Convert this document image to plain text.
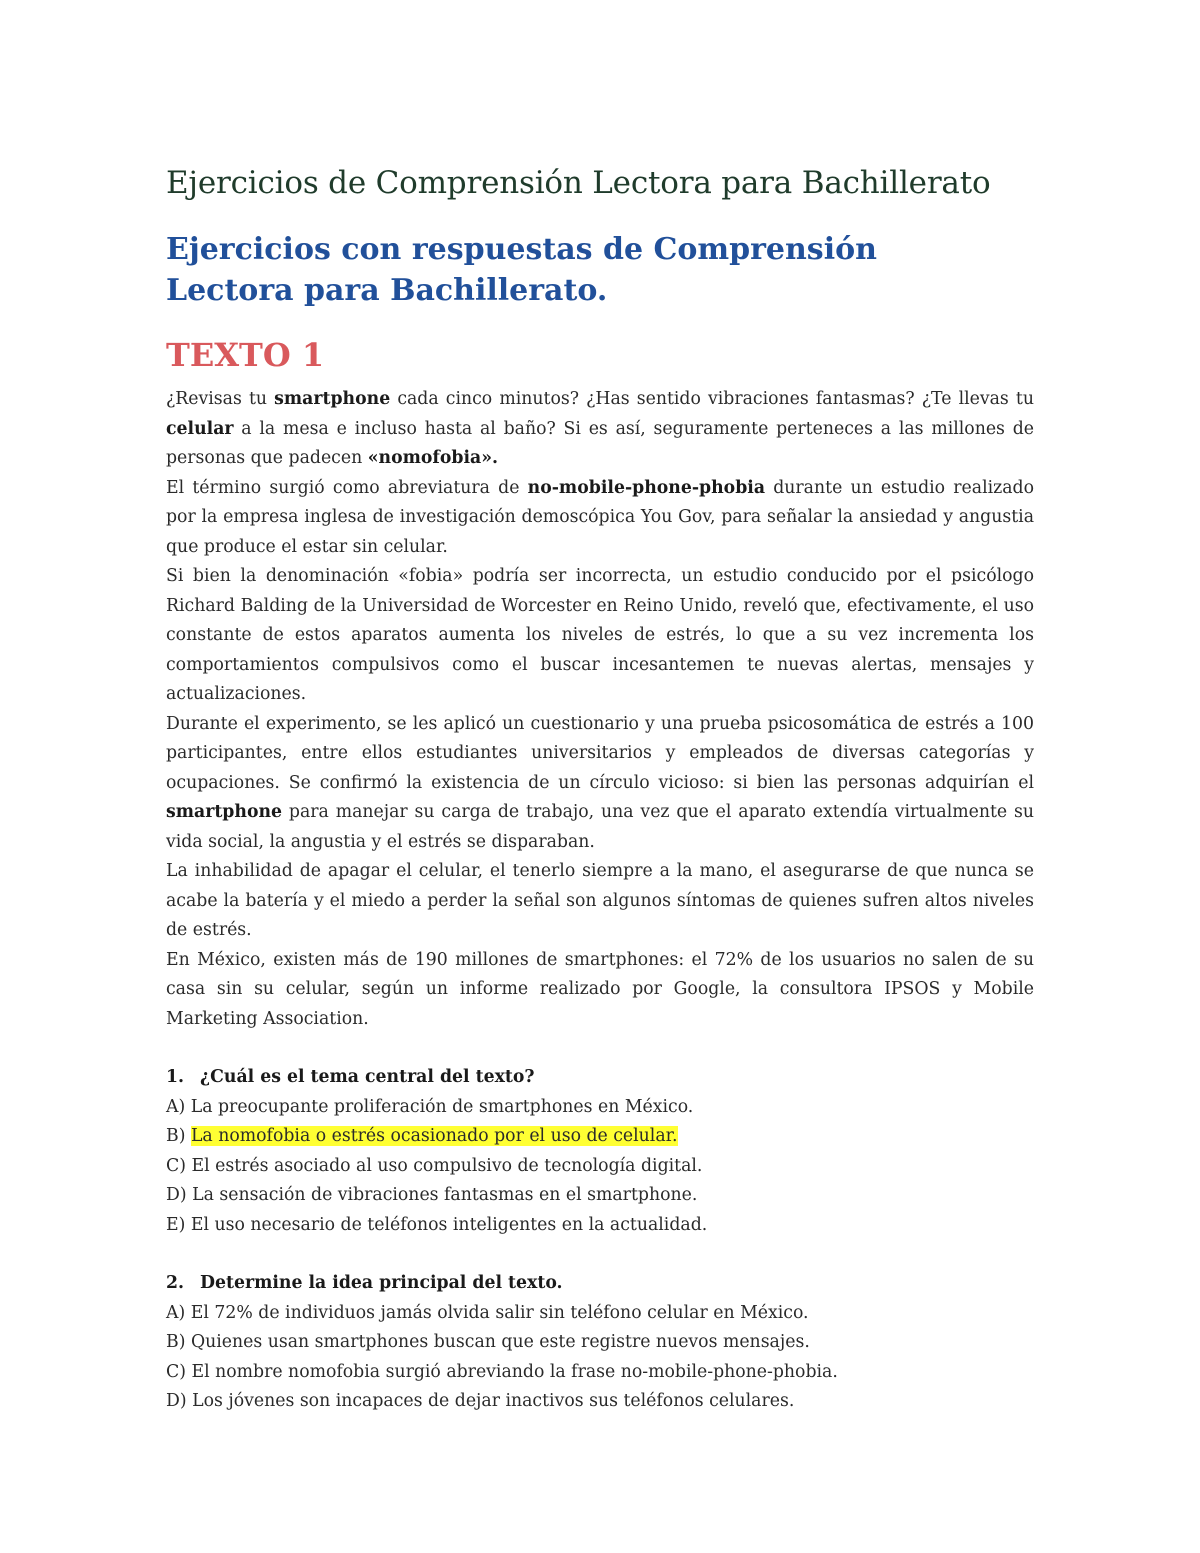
Ejercicios de Comprensión Lectora para Bachillerato
Ejercicios con respuestas de Comprensión
Lectora para Bachillerato.
TEXTO 1

¿Revisas tu smartphone cada cinco minutos? ¿Has sentido vibraciones fantasmas? ¿Te llevas tu celular a la mesa e incluso hasta al baño? Si es así, seguramente perteneces a las millones de personas que padecen «nomofobia».

El término surgió como abreviatura de no-mobile-phone-phobia durante un estudio realizado por la empresa inglesa de investigación demoscópica You Gov, para señalar la ansiedad y angustia que produce el estar sin celular.

Si bien la denominación «fobia» podría ser incorrecta, un estudio conducido por el psicólogo Richard Balding de la Universidad de Worcester en Reino Unido, reveló que, efectivamente, el uso constante de estos aparatos aumenta los niveles de estrés, lo que a su vez incrementa los comportamientos compulsivos como el buscar incesantemen te nuevas alertas, mensajes y actualizaciones.

Durante el experimento, se les aplicó un cuestionario y una prueba psicosomática de estrés a 100 participantes, entre ellos estudiantes universitarios y empleados de diversas categorías y ocupaciones. Se confirmó la existencia de un círculo vicioso: si bien las personas adquirían el smartphone para manejar su carga de trabajo, una vez que el aparato extendía virtualmente su vida social, la angustia y el estrés se disparaban.

La inhabilidad de apagar el celular, el tenerlo siempre a la mano, el asegurarse de que nunca se acabe la batería y el miedo a perder la señal son algunos síntomas de quienes sufren altos niveles de estrés.

En México, existen más de 190 millones de smartphones: el 72% de los usuarios no salen de su casa sin su celular, según un informe realizado por Google, la consultora IPSOS y Mobile Marketing Association.

1. ¿Cuál es el tema central del texto?

A) La preocupante proliferación de smartphones en México.
B) La nomofobia o estrés ocasionado por el uso de celular.
C) El estrés asociado al uso compulsivo de tecnología digital.
D) La sensación de vibraciones fantasmas en el smartphone.
E) El uso necesario de teléfonos inteligentes en la actualidad.

2. Determine la idea principal del texto.

A) El 72% de individuos jamás olvida salir sin teléfono celular en México.
B) Quienes usan smartphones buscan que este registre nuevos mensajes.
C) El nombre nomofobia surgió abreviando la frase no-mobile-phone-phobia.
D) Los jóvenes son incapaces de dejar inactivos sus teléfonos celulares.
